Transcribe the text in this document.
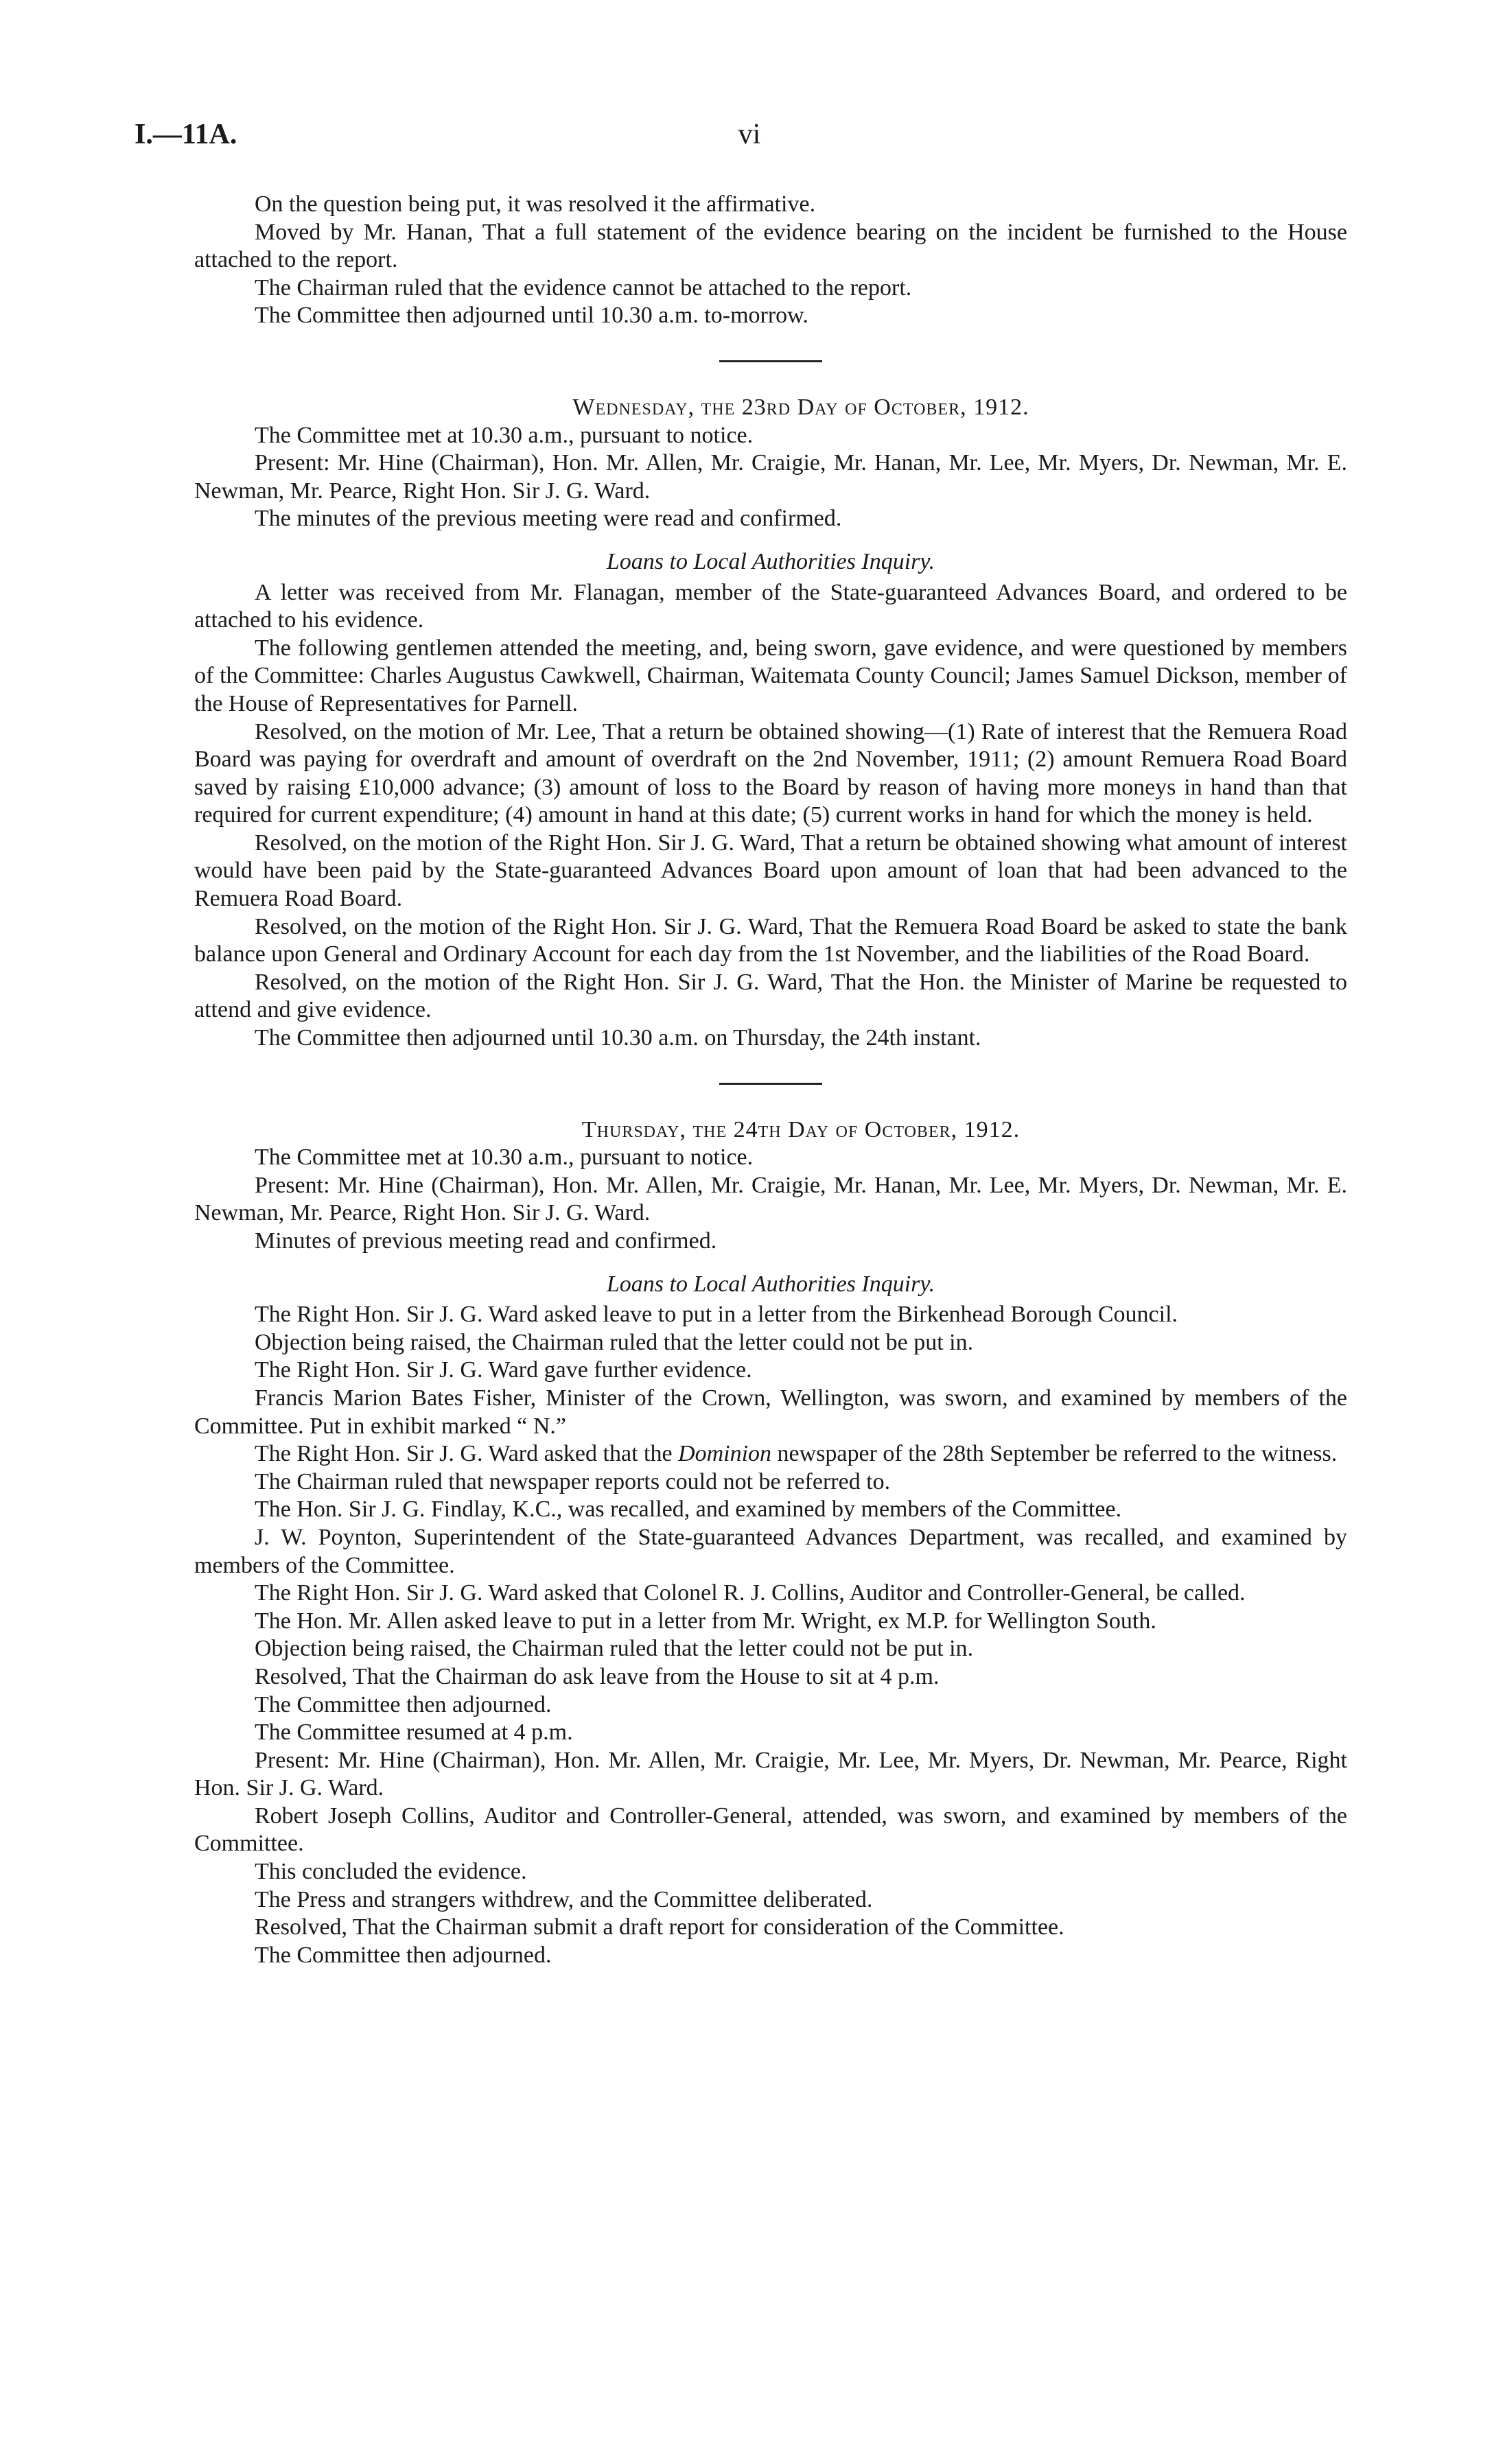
I.—11A.	vi

On the question being put, it was resolved it the affirmative.

Moved by Mr. Hanan, That a full statement of the evidence bearing on the incident be furnished to the House attached to the report.

The Chairman ruled that the evidence cannot be attached to the report.

The Committee then adjourned until 10.30 a.m. to-morrow.

Wednesday, the 23rd Day of October, 1912.

The Committee met at 10.30 a.m., pursuant to notice.

Present: Mr. Hine (Chairman), Hon. Mr. Allen, Mr. Craigie, Mr. Hanan, Mr. Lee, Mr. Myers, Dr. Newman, Mr. E. Newman, Mr. Pearce, Right Hon. Sir J. G. Ward.

The minutes of the previous meeting were read and confirmed.

Loans to Local Authorities Inquiry.

A letter was received from Mr. Flanagan, member of the State-guaranteed Advances Board, and ordered to be attached to his evidence.

The following gentlemen attended the meeting, and, being sworn, gave evidence, and were questioned by members of the Committee: Charles Augustus Cawkwell, Chairman, Waitemata County Council; James Samuel Dickson, member of the House of Representatives for Parnell.

Resolved, on the motion of Mr. Lee, That a return be obtained showing—(1) Rate of interest that the Remuera Road Board was paying for overdraft and amount of overdraft on the 2nd November, 1911; (2) amount Remuera Road Board saved by raising £10,000 advance; (3) amount of loss to the Board by reason of having more moneys in hand than that required for current expenditure; (4) amount in hand at this date; (5) current works in hand for which the money is held.

Resolved, on the motion of the Right Hon. Sir J. G. Ward, That a return be obtained showing what amount of interest would have been paid by the State-guaranteed Advances Board upon amount of loan that had been advanced to the Remuera Road Board.

Resolved, on the motion of the Right Hon. Sir J. G. Ward, That the Remuera Road Board be asked to state the bank balance upon General and Ordinary Account for each day from the 1st November, and the liabilities of the Road Board.

Resolved, on the motion of the Right Hon. Sir J. G. Ward, That the Hon. the Minister of Marine be requested to attend and give evidence.

The Committee then adjourned until 10.30 a.m. on Thursday, the 24th instant.

Thursday, the 24th Day of October, 1912.

The Committee met at 10.30 a.m., pursuant to notice.

Present: Mr. Hine (Chairman), Hon. Mr. Allen, Mr. Craigie, Mr. Hanan, Mr. Lee, Mr. Myers, Dr. Newman, Mr. E. Newman, Mr. Pearce, Right Hon. Sir J. G. Ward.

Minutes of previous meeting read and confirmed.

Loans to Local Authorities Inquiry.

The Right Hon. Sir J. G. Ward asked leave to put in a letter from the Birkenhead Borough Council.

Objection being raised, the Chairman ruled that the letter could not be put in.

The Right Hon. Sir J. G. Ward gave further evidence.

Francis Marion Bates Fisher, Minister of the Crown, Wellington, was sworn, and examined by members of the Committee. Put in exhibit marked “ N.”

The Right Hon. Sir J. G. Ward asked that the Dominion newspaper of the 28th September be referred to the witness.

The Chairman ruled that newspaper reports could not be referred to.

The Hon. Sir J. G. Findlay, K.C., was recalled, and examined by members of the Committee.

J. W. Poynton, Superintendent of the State-guaranteed Advances Department, was recalled, and examined by members of the Committee.

The Right Hon. Sir J. G. Ward asked that Colonel R. J. Collins, Auditor and Controller-General, be called.

The Hon. Mr. Allen asked leave to put in a letter from Mr. Wright, ex M.P. for Wellington South.

Objection being raised, the Chairman ruled that the letter could not be put in.

Resolved, That the Chairman do ask leave from the House to sit at 4 p.m.

The Committee then adjourned.

The Committee resumed at 4 p.m.

Present: Mr. Hine (Chairman), Hon. Mr. Allen, Mr. Craigie, Mr. Lee, Mr. Myers, Dr. Newman, Mr. Pearce, Right Hon. Sir J. G. Ward.

Robert Joseph Collins, Auditor and Controller-General, attended, was sworn, and examined by members of the Committee.

This concluded the evidence.

The Press and strangers withdrew, and the Committee deliberated.

Resolved, That the Chairman submit a draft report for consideration of the Committee.

The Committee then adjourned.
